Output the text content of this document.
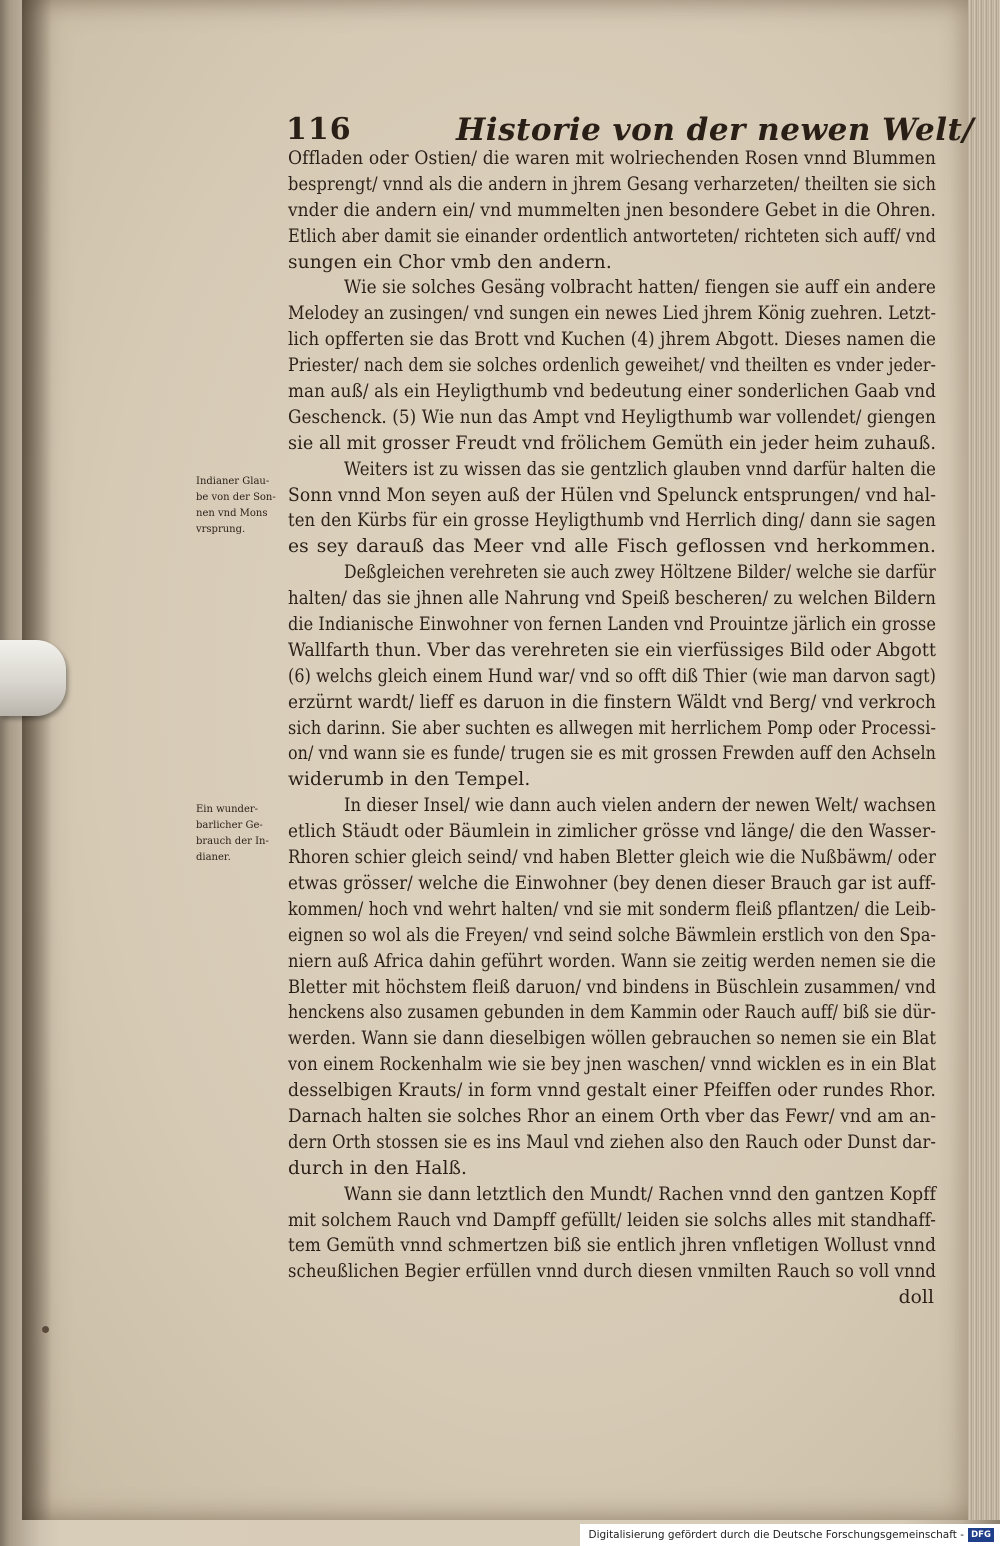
116	Historie von der newen Welt/
Indianer Glau-
be von der Son-
nen vnd Mons
vrsprung.
Ein wunder-
barlicher Ge-
brauch der In-
dianer.
Offladen oder Ostien/ die waren mit wolriechenden Rosen vnnd Blummen
besprengt/ vnnd als die andern in jhrem Gesang verharzeten/ theilten sie sich
vnder die andern ein/ vnd mummelten jnen besondere Gebet in die Ohren.
Etlich aber damit sie einander ordentlich antworteten/ richteten sich auff/ vnd
sungen ein Chor vmb den andern.
Wie sie solches Gesäng volbracht hatten/ fiengen sie auff ein andere
Melodey an zusingen/ vnd sungen ein newes Lied jhrem König zuehren. Letzt-
lich opfferten sie das Brott vnd Kuchen (4) jhrem Abgott. Dieses namen die
Priester/ nach dem sie solches ordenlich geweihet/ vnd theilten es vnder jeder-
man auß/ als ein Heyligthumb vnd bedeutung einer sonderlichen Gaab vnd
Geschenck. (5) Wie nun das Ampt vnd Heyligthumb war vollendet/ giengen
sie all mit grosser Freudt vnd frölichem Gemüth ein jeder heim zuhauß.
Weiters ist zu wissen das sie gentzlich glauben vnnd darfür halten die
Sonn vnnd Mon seyen auß der Hülen vnd Spelunck entsprungen/ vnd hal-
ten den Kürbs für ein grosse Heyligthumb vnd Herrlich ding/ dann sie sagen
es sey darauß das Meer vnd alle Fisch geflossen vnd herkommen.
Deßgleichen verehreten sie auch zwey Höltzene Bilder/ welche sie darfür
halten/ das sie jhnen alle Nahrung vnd Speiß bescheren/ zu welchen Bildern
die Indianische Einwohner von fernen Landen vnd Prouintze järlich ein grosse
Wallfarth thun. Vber das verehreten sie ein vierfüssiges Bild oder Abgott
(6) welchs gleich einem Hund war/ vnd so offt diß Thier (wie man darvon sagt)
erzürnt wardt/ lieff es daruon in die finstern Wäldt vnd Berg/ vnd verkroch
sich darinn. Sie aber suchten es allwegen mit herrlichem Pomp oder Processi-
on/ vnd wann sie es funde/ trugen sie es mit grossen Frewden auff den Achseln
widerumb in den Tempel.
In dieser Insel/ wie dann auch vielen andern der newen Welt/ wachsen
etlich Stäudt oder Bäumlein in zimlicher grösse vnd länge/ die den Wasser-
Rhoren schier gleich seind/ vnd haben Bletter gleich wie die Nußbäwm/ oder
etwas grösser/ welche die Einwohner (bey denen dieser Brauch gar ist auff-
kommen/ hoch vnd wehrt halten/ vnd sie mit sonderm fleiß pflantzen/ die Leib-
eignen so wol als die Freyen/ vnd seind solche Bäwmlein erstlich von den Spa-
niern auß Africa dahin geführt worden. Wann sie zeitig werden nemen sie die
Bletter mit höchstem fleiß daruon/ vnd bindens in Büschlein zusammen/ vnd
henckens also zusamen gebunden in dem Kammin oder Rauch auff/ biß sie dür-
werden. Wann sie dann dieselbigen wöllen gebrauchen so nemen sie ein Blat
von einem Rockenhalm wie sie bey jnen waschen/ vnnd wicklen es in ein Blat
desselbigen Krauts/ in form vnnd gestalt einer Pfeiffen oder rundes Rhor.
Darnach halten sie solches Rhor an einem Orth vber das Fewr/ vnd am an-
dern Orth stossen sie es ins Maul vnd ziehen also den Rauch oder Dunst dar-
durch in den Halß.
Wann sie dann letztlich den Mundt/ Rachen vnnd den gantzen Kopff
mit solchem Rauch vnd Dampff gefüllt/ leiden sie solchs alles mit standhaff-
tem Gemüth vnnd schmertzen biß sie entlich jhren vnfletigen Wollust vnnd
scheußlichen Begier erfüllen vnnd durch diesen vnmilten Rauch so voll vnnd
doll
Digitalisierung gefördert durch die Deutsche Forschungsgemeinschaft - DFG
